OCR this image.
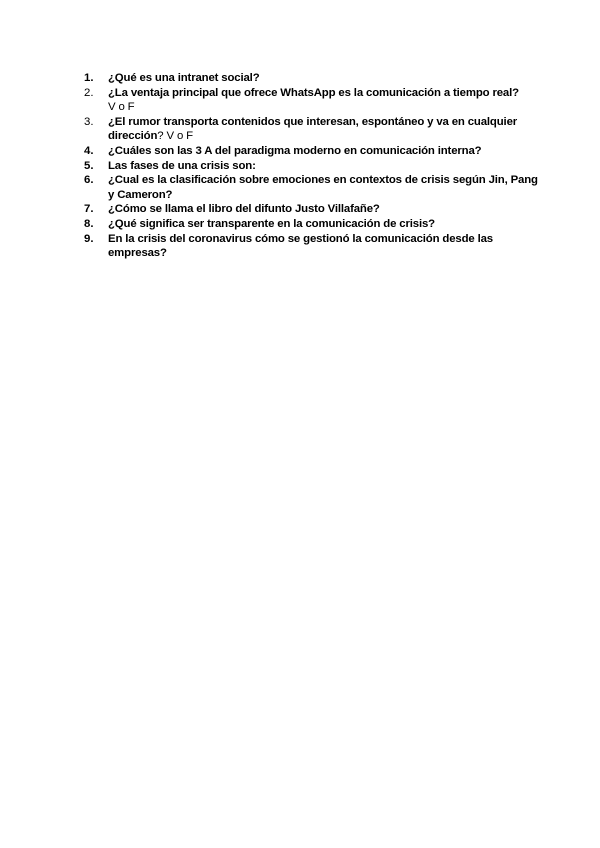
1.	¿Qué es una intranet social?
2.	¿La ventaja principal que ofrece WhatsApp es la comunicación a tiempo real?
V o F
3.	¿El rumor transporta contenidos que interesan, espontáneo y va en cualquier dirección? V o F
4.	¿Cuáles son las 3 A del paradigma moderno en comunicación interna?
5.	Las fases de una crisis son:
6.	¿Cual es la clasificación sobre emociones en contextos de crisis según Jin, Pang y Cameron?
7.	¿Cómo se llama el libro del difunto Justo Villafañe?
8.	¿Qué significa ser transparente en la comunicación de crisis?
9.	En la crisis del coronavirus cómo se gestionó la comunicación desde las empresas?
